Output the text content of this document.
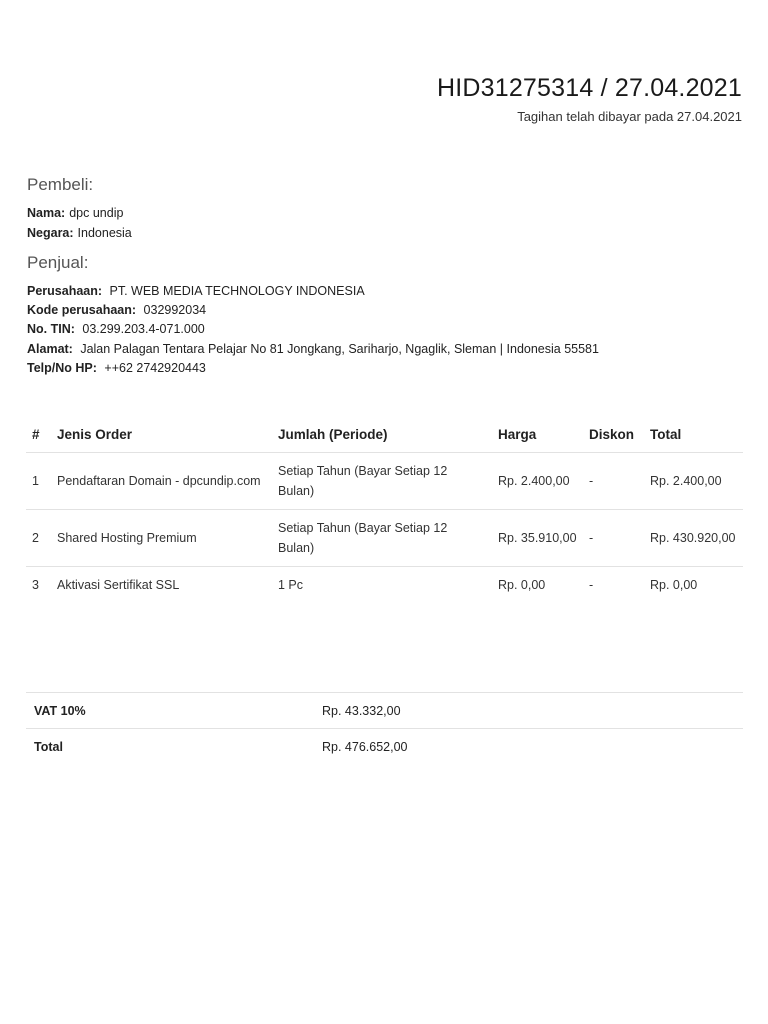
HID31275314 / 27.04.2021
Tagihan telah dibayar pada 27.04.2021
Pembeli:
Nama: dpc undip
Negara: Indonesia
Penjual:
Perusahaan: PT. WEB MEDIA TECHNOLOGY INDONESIA
Kode perusahaan: 032992034
No. TIN: 03.299.203.4-071.000
Alamat: Jalan Palagan Tentara Pelajar No 81 Jongkang, Sariharjo, Ngaglik, Sleman | Indonesia 55581
Telp/No HP: ++62 2742920443
#	Jenis Order	Jumlah (Periode)	Harga	Diskon	Total
1	Pendaftaran Domain - dpcundip.com	Setiap Tahun (Bayar Setiap 12 Bulan)	Rp. 2.400,00	-	Rp. 2.400,00
2	Shared Hosting Premium	Setiap Tahun (Bayar Setiap 12 Bulan)	Rp. 35.910,00	-	Rp. 430.920,00
3	Aktivasi Sertifikat SSL	1 Pc	Rp. 0,00	-	Rp. 0,00
VAT 10%	Rp. 43.332,00
Total	Rp. 476.652,00
